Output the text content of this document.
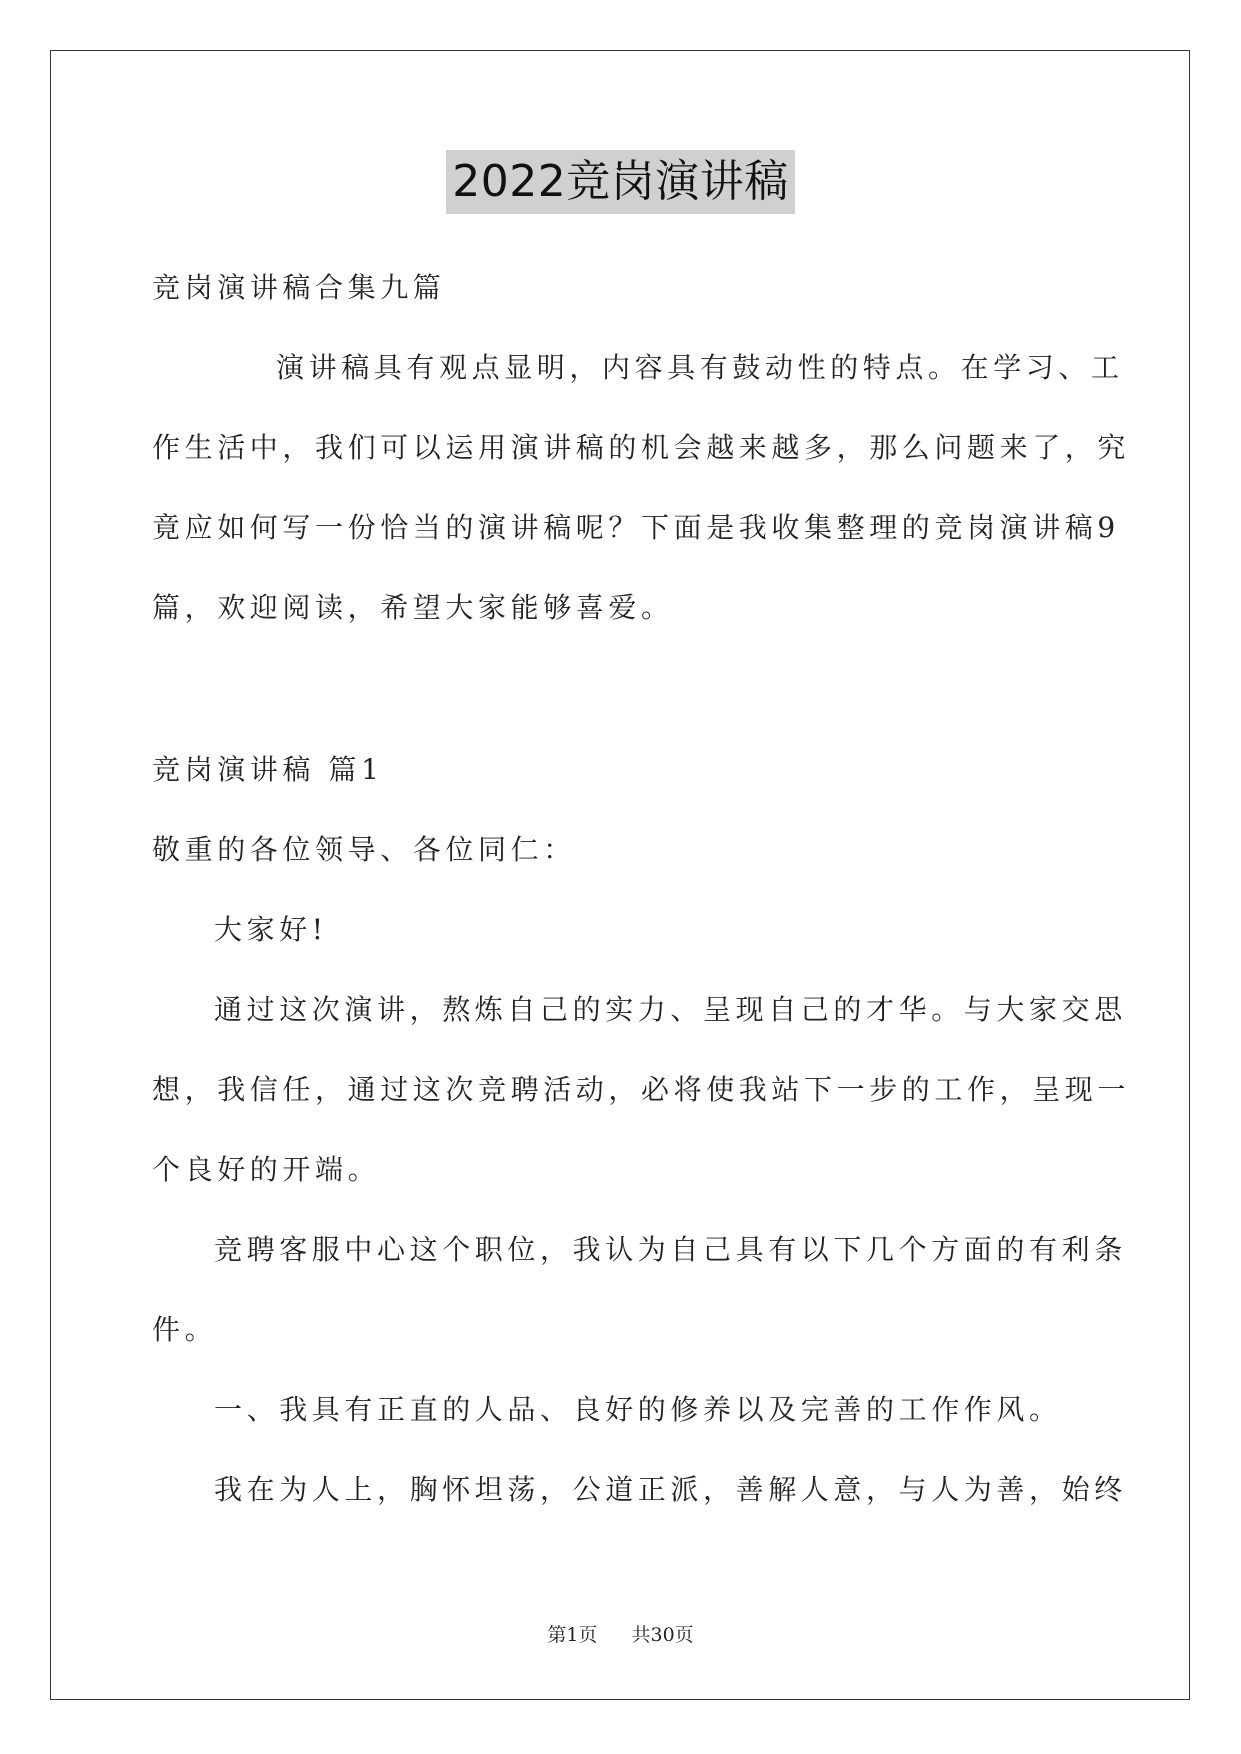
2022竞岗演讲稿
竞岗演讲稿合集九篇
演讲稿具有观点显明，内容具有鼓动性的特点。在学习、工
作生活中，我们可以运用演讲稿的机会越来越多，那么问题来了，究
竟应如何写一份恰当的演讲稿呢？下面是我收集整理的竞岗演讲稿9
篇，欢迎阅读，希望大家能够喜爱。
竞岗演讲稿 篇1
敬重的各位领导、各位同仁：
大家好!
通过这次演讲，熬炼自己的实力、呈现自己的才华。与大家交思
想，我信任，通过这次竞聘活动，必将使我站下一步的工作，呈现一
个良好的开端。
竞聘客服中心这个职位，我认为自己具有以下几个方面的有利条
件。
一、我具有正直的人品、良好的修养以及完善的工作作风。
我在为人上，胸怀坦荡，公道正派，善解人意，与人为善，始终
第1页 共30页
